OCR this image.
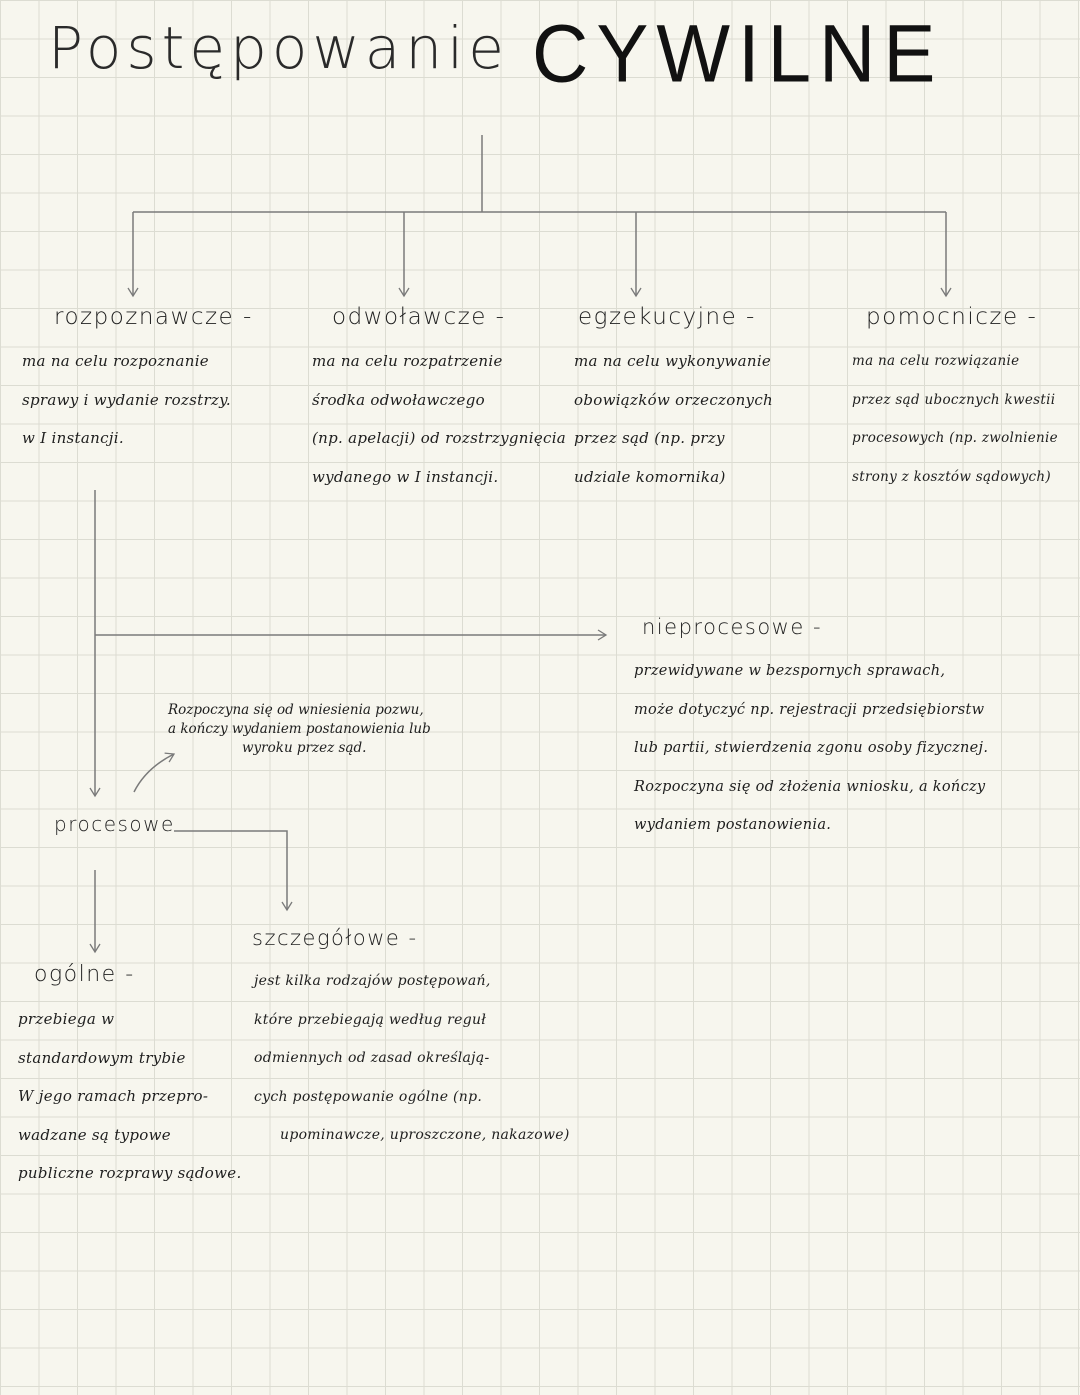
Postępowanie CYWILNE
rozpoznawcze -
ma na celu rozpoznanie
sprawy i wydanie rozstrzy.
w I instancji.
odwoławcze -
ma na celu rozpatrzenie
środka odwoławczego
(np. apelacji) od rozstrzygnięcia
wydanego w I instancji.
egzekucyjne -
ma na celu wykonywanie
obowiązków orzeczonych
przez sąd (np. przy
udziale komornika)
pomocnicze -
ma na celu rozwiązanie
przez sąd ubocznych kwestii
procesowych (np. zwolnienie
strony z kosztów sądowych)
nieprocesowe -
przewidywane w bezspornych sprawach,
może dotyczyć np. rejestracji przedsiębiorstw
lub partii, stwierdzenia zgonu osoby fizycznej.
Rozpoczyna się od złożenia wniosku, a kończy
wydaniem postanowienia.
Rozpoczyna się od wniesienia pozwu,
a kończy wydaniem postanowienia lub
wyroku przez sąd.
procesowe
szczegółowe -
jest kilka rodzajów postępowań,
które przebiegają według reguł
odmiennych od zasad określają-
cych postępowanie ogólne (np.
upominawcze, uproszczone, nakazowe)
ogólne -
przebiega w
standardowym trybie
W jego ramach przepro-
wadzane są typowe
publiczne rozprawy sądowe.
